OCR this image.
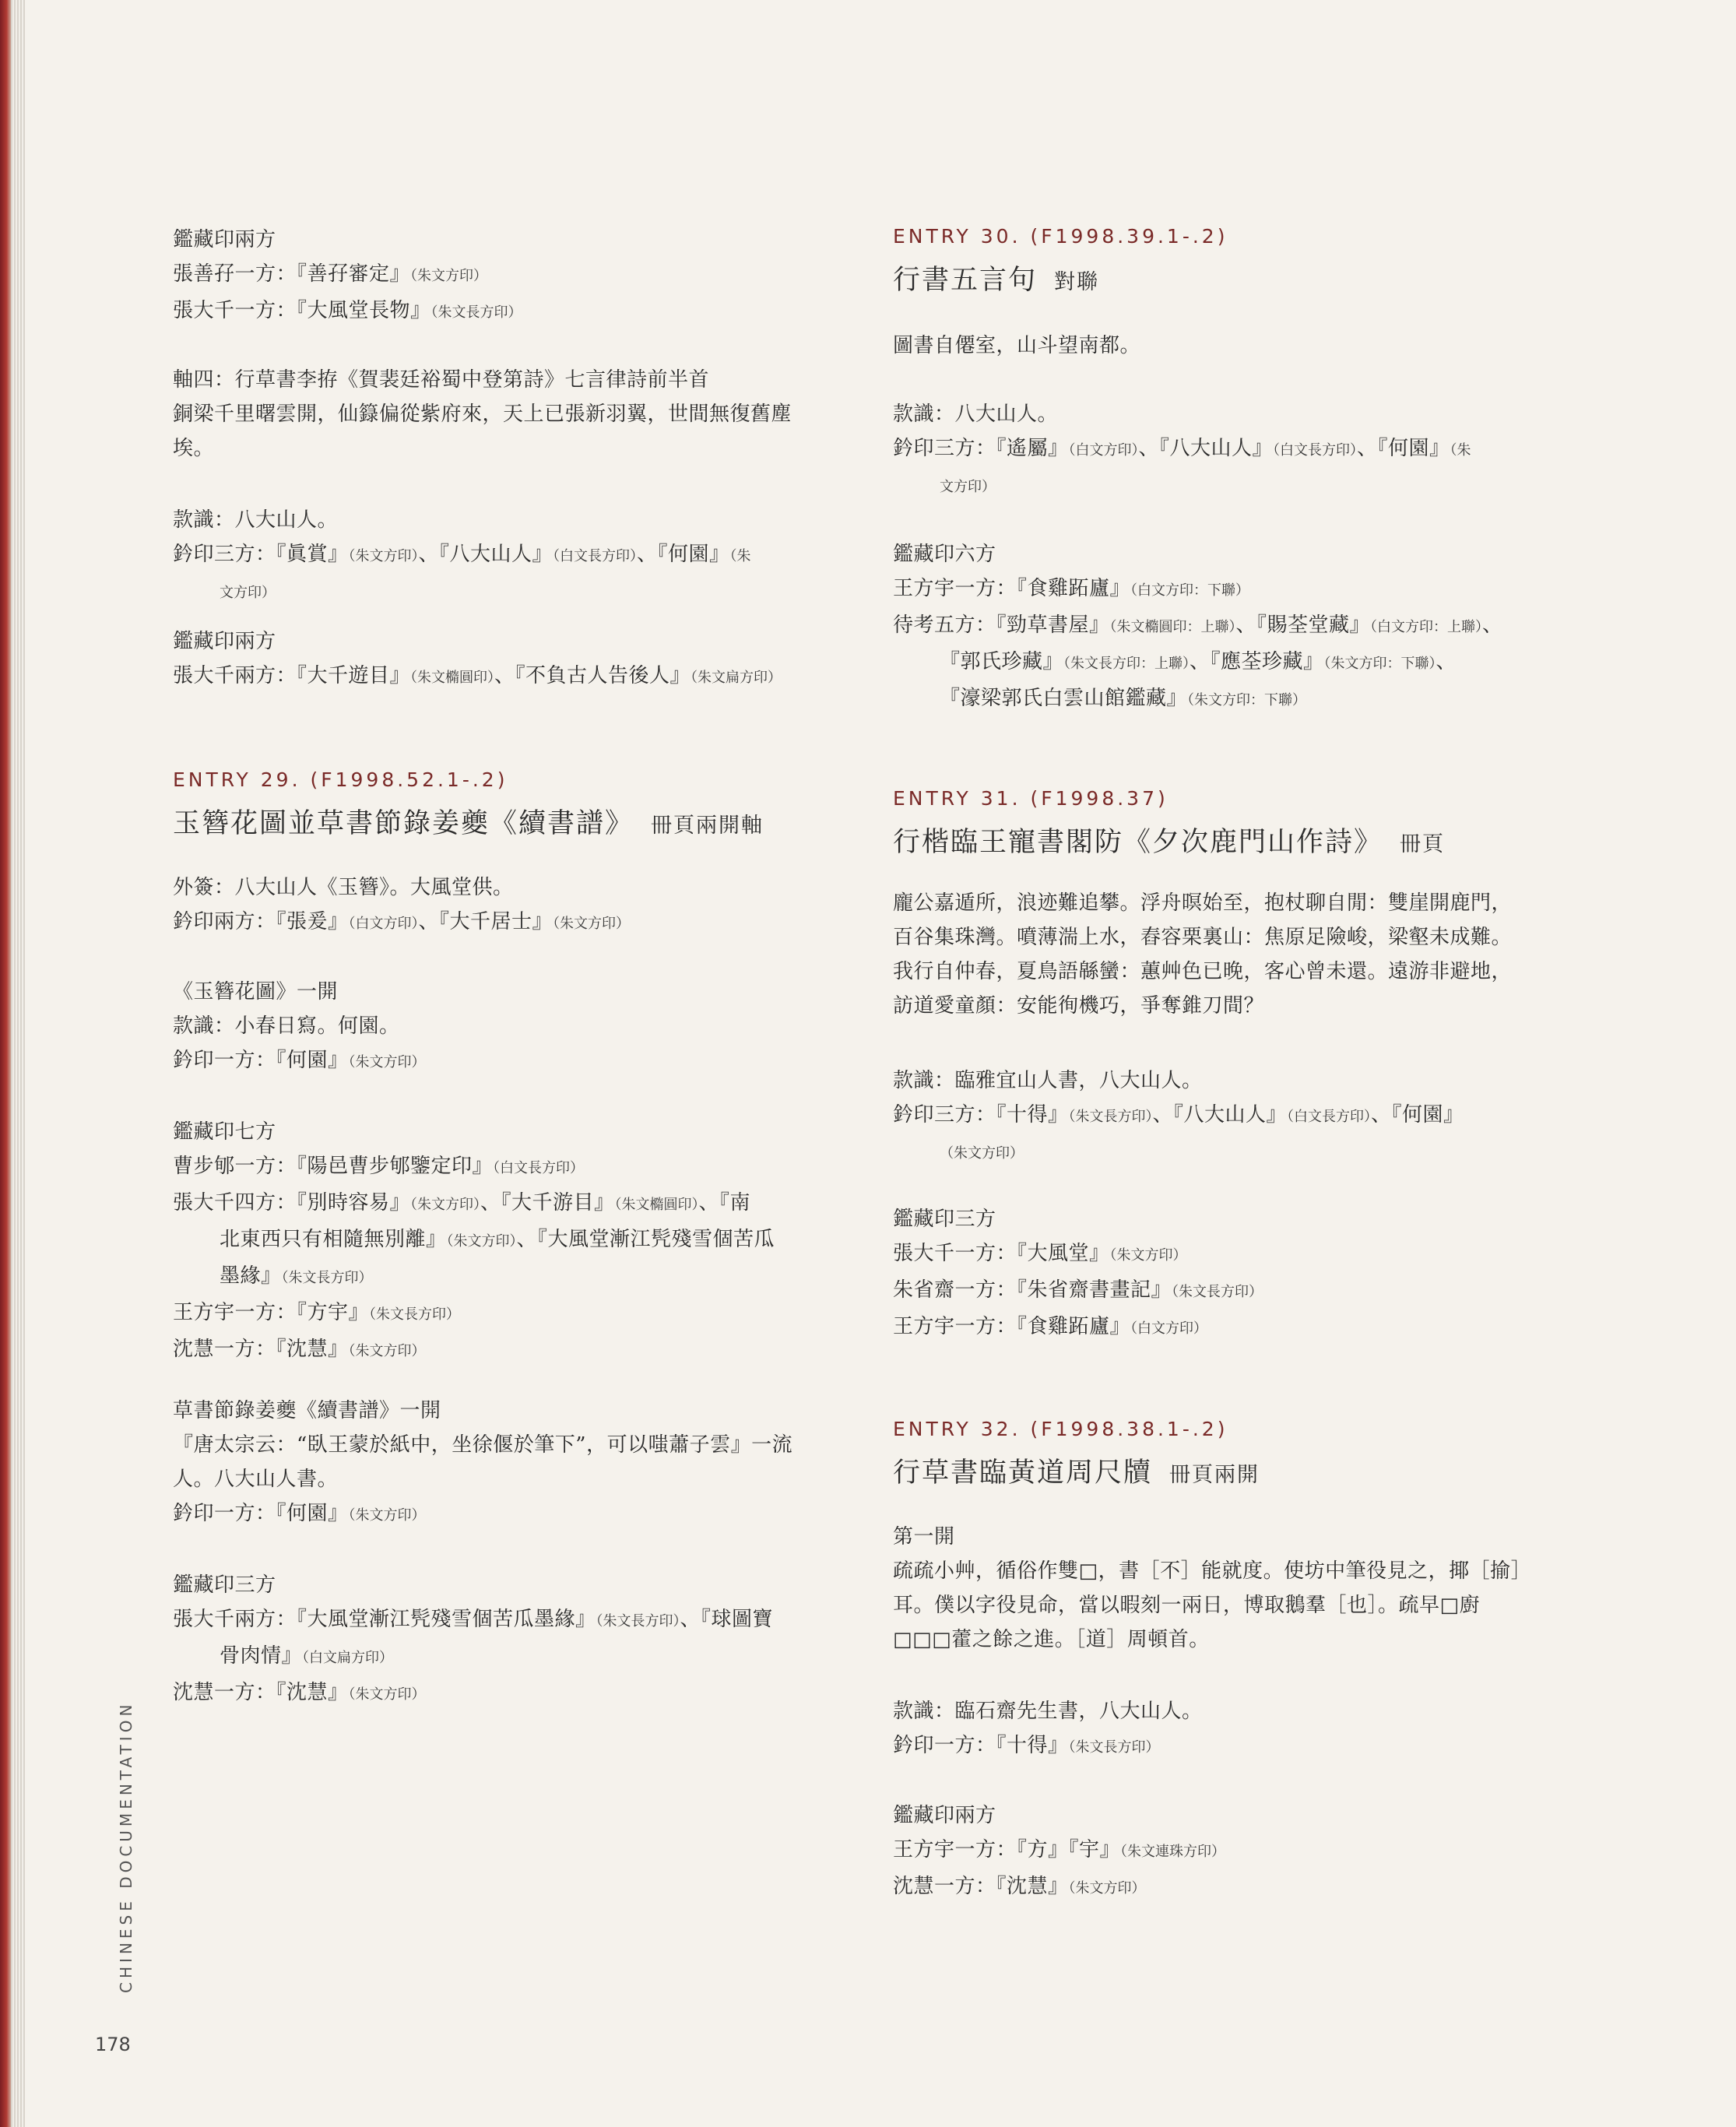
鑑藏印兩方
張善孖一方：『善孖審定』（朱文方印）
張大千一方：『大風堂長物』（朱文長方印）
軸四：行草書李拵《賀裴廷裕蜀中登第詩》七言律詩前半首
銅梁千里曙雲開，仙籙偏從紫府來，天上已張新羽翼，世間無復舊塵
埃。
款識：八大山人。
鈐印三方：『眞賞』（朱文方印）、『八大山人』（白文長方印）、『何園』（朱
文方印）
鑑藏印兩方
張大千兩方：『大千遊目』（朱文橢圓印）、『不負古人告後人』（朱文扁方印）
ENTRY 29. (F1998.52.1-.2)
玉簪花圖並草書節錄姜夔《續書譜》 冊頁兩開軸
外簽：八大山人《玉簪》。大風堂供。
鈐印兩方：『張爰』（白文方印）、『大千居士』（朱文方印）
《玉簪花圖》一開
款識：小春日寫。何園。
鈐印一方：『何園』（朱文方印）
鑑藏印七方
曹步郇一方：『陽邑曹步郇鑒定印』（白文長方印）
張大千四方：『別時容易』（朱文方印）、『大千游目』（朱文橢圓印）、『南
北東西只有相隨無別離』（朱文方印）、『大風堂漸江髠殘雪個苦瓜
墨緣』（朱文長方印）
王方宇一方：『方宇』（朱文長方印）
沈慧一方：『沈慧』（朱文方印）
草書節錄姜夔《續書譜》一開
『唐太宗云：“臥王蒙於紙中，坐徐偃於筆下”，可以嗤蕭子雲』一流
人。八大山人書。
鈐印一方：『何園』（朱文方印）
鑑藏印三方
張大千兩方：『大風堂漸江髠殘雪個苦瓜墨緣』（朱文長方印）、『球圖寶
骨肉情』（白文扁方印）
沈慧一方：『沈慧』（朱文方印）
ENTRY 30. (F1998.39.1-.2)
行書五言句 對聯
圖書自僊室，山斗望南都。
款識：八大山人。
鈐印三方：『遙屬』（白文方印）、『八大山人』（白文長方印）、『何園』（朱
文方印）
鑑藏印六方
王方宇一方：『食雞跖廬』（白文方印：下聯）
待考五方：『勁草書屋』（朱文橢圓印：上聯）、『賜荃堂藏』（白文方印：上聯）、
『郭氏珍藏』（朱文長方印：上聯）、『應荃珍藏』（朱文方印：下聯）、
『濠梁郭氏白雲山館鑑藏』（朱文方印：下聯）
ENTRY 31. (F1998.37)
行楷臨王寵書閣防《夕次鹿門山作詩》 冊頁
龐公嘉遁所，浪迹難追攀。浮舟暝始至，抱杖聊自閒：雙崖開鹿門，
百谷集珠灣。噴薄湍上水，舂容栗裏山：焦原足險峻，梁壑未成難。
我行自仲春，夏鳥語緜蠻：蕙艸色已晚，客心曾未還。遠游非避地，
訪道愛童顏：安能徇機巧，爭奪錐刀間？
款識：臨雅宜山人書，八大山人。
鈐印三方：『十得』（朱文長方印）、『八大山人』（白文長方印）、『何園』
（朱文方印）
鑑藏印三方
張大千一方：『大風堂』（朱文方印）
朱省齋一方：『朱省齋書畫記』（朱文長方印）
王方宇一方：『食雞跖廬』（白文方印）
ENTRY 32. (F1998.38.1-.2)
行草書臨黃道周尺牘 冊頁兩開
第一開
疏疏小艸，循俗作雙□，書［不］能就度。使坊中筆役見之，揶［揄］
耳。僕以字役見命，當以暇刻一兩日，博取鵝羣［也］。疏早□廚
□□□藿之餘之進。［道］周頓首。
款識：臨石齋先生書，八大山人。
鈐印一方：『十得』（朱文長方印）
鑑藏印兩方
王方宇一方：『方』『宇』（朱文連珠方印）
沈慧一方：『沈慧』（朱文方印）
CHINESE DOCUMENTATION
178
